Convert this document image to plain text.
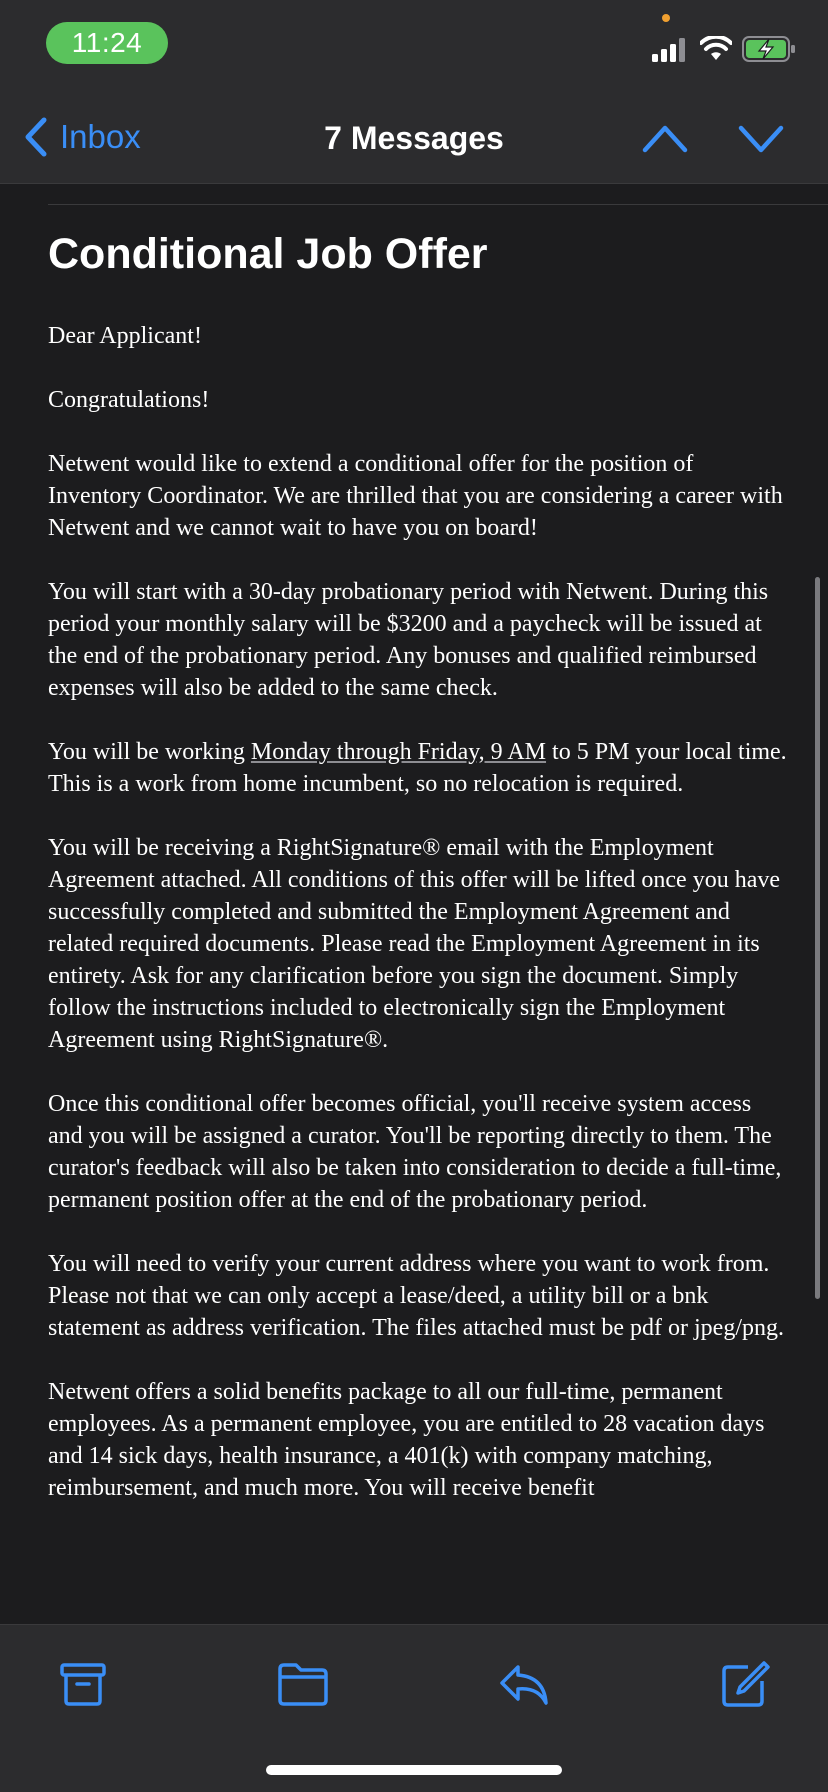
11:24
Inbox	7 Messages
Conditional Job Offer

Dear Applicant!

Congratulations!

Netwent would like to extend a conditional offer for the position of Inventory Coordinator. We are thrilled that you are considering a career with Netwent and we cannot wait to have you on board!

You will start with a 30-day probationary period with Netwent. During this period your monthly salary will be $3200 and a paycheck will be issued at the end of the probationary period. Any bonuses and qualified reimbursed expenses will also be added to the same check.

You will be working Monday through Friday, 9 AM to 5 PM your local time. This is a work from home incumbent, so no relocation is required.

You will be receiving a RightSignature® email with the Employment Agreement attached. All conditions of this offer will be lifted once you have successfully completed and submitted the Employment Agreement and related required documents. Please read the Employment Agreement in its entirety. Ask for any clarification before you sign the document. Simply follow the instructions included to electronically sign the Employment Agreement using RightSignature®.

Once this conditional offer becomes official, you'll receive system access and you will be assigned a curator. You'll be reporting directly to them. The curator's feedback will also be taken into consideration to decide a full-time, permanent position offer at the end of the probationary period.

You will need to verify your current address where you want to work from. Please not that we can only accept a lease/deed, a utility bill or a bnk statement as address verification. The files attached must be pdf or jpeg/png.

Netwent offers a solid benefits package to all our full-time, permanent employees. As a permanent employee, you are entitled to 28 vacation days and 14 sick days, health insurance, a 401(k) with company matching, reimbursement, and much more. You will receive benefit
